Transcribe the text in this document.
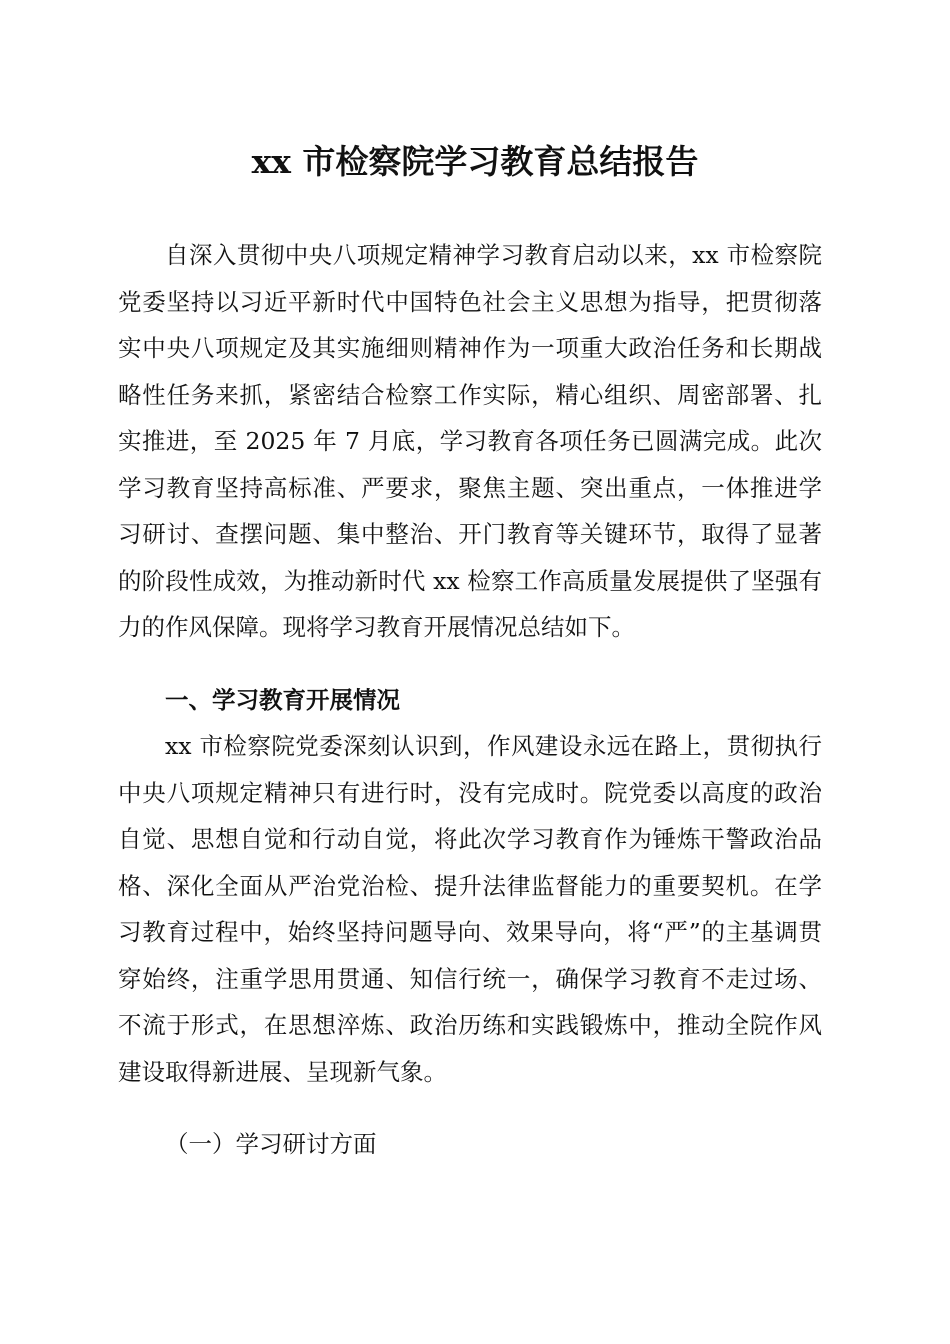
xx 市检察院学习教育总结报告

自深入贯彻中央八项规定精神学习教育启动以来，xx 市检察院党委坚持以习近平新时代中国特色社会主义思想为指导，把贯彻落实中央八项规定及其实施细则精神作为一项重大政治任务和长期战略性任务来抓，紧密结合检察工作实际，精心组织、周密部署、扎实推进，至 2025 年 7 月底，学习教育各项任务已圆满完成。此次学习教育坚持高标准、严要求，聚焦主题、突出重点，一体推进学习研讨、查摆问题、集中整治、开门教育等关键环节，取得了显著的阶段性成效，为推动新时代 xx 检察工作高质量发展提供了坚强有力的作风保障。现将学习教育开展情况总结如下。

一、学习教育开展情况

xx 市检察院党委深刻认识到，作风建设永远在路上，贯彻执行中央八项规定精神只有进行时，没有完成时。院党委以高度的政治自觉、思想自觉和行动自觉，将此次学习教育作为锤炼干警政治品格、深化全面从严治党治检、提升法律监督能力的重要契机。在学习教育过程中，始终坚持问题导向、效果导向，将“严”的主基调贯穿始终，注重学思用贯通、知信行统一，确保学习教育不走过场、不流于形式，在思想淬炼、政治历练和实践锻炼中，推动全院作风建设取得新进展、呈现新气象。

（一）学习研讨方面
